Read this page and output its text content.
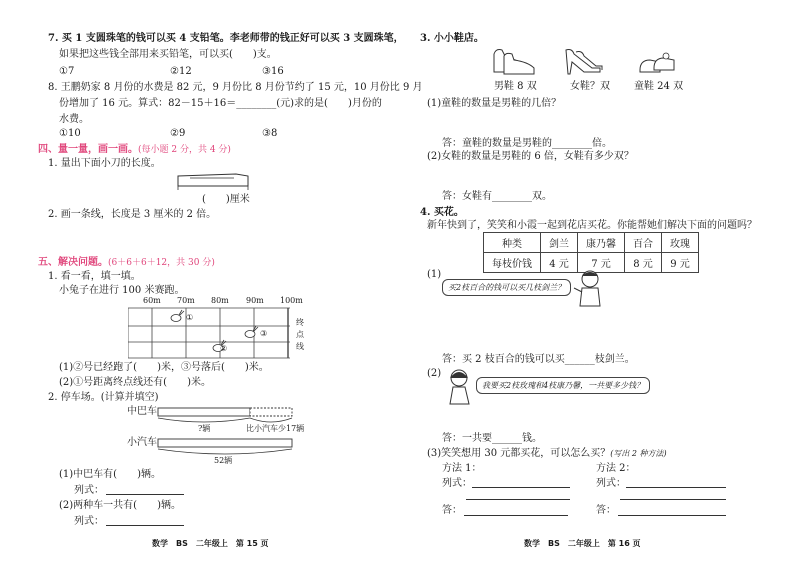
7. 买 1 支圆珠笔的钱可以买 4 支铅笔。李老师带的钱正好可以买 3 支圆珠笔，
如果把这些钱全部用来买铅笔，可以买(　　)支。
①7	②12	③16
8. 王鹏奶家 8 月份的水费是 82 元，9 月份比 8 月份节约了 15 元，10 月份比 9 月
份增加了 16 元。算式：82－15＋16＝________(元)求的是(　　)月份的
水费。
①10	②9	③8
四、量一量，画一画。(每小题 2 分，共 4 分)
1. 量出下面小刀的长度。
(　　)厘米
2. 画一条线，长度是 3 厘米的 2 倍。
五、解决问题。(6＋6＋6＋12，共 30 分)
1. 看一看，填一填。
小兔子在进行 100 米赛跑。
60m 70m 80m 90m 100m
①
②
③
终
点
线
(1)②号已经跑了(　　)米，③号落后(　　)米。
(2)①号距离终点线还有(　　)米。
2. 停车场。(计算并填空)
中巴车
小汽车
?辆	比小汽车少17辆
52辆
(1)中巴车有(　　)辆。
列式：
(2)两种车一共有(　　)辆。
列式：
数学　BS　二年级上　第 15 页
3. 小小鞋店。
男鞋 8 双	女鞋？双 童鞋 24 双
(1)童鞋的数量是男鞋的几倍？
答：童鞋的数量是男鞋的________倍。
(2)女鞋的数量是男鞋的 6 倍，女鞋有多少双？
答：女鞋有________双。
4. 买花。
新年快到了，笑笑和小霞一起到花店买花。你能帮她们解决下面的问题吗？
种类	剑兰	康乃馨	百合	玫瑰
每枝价钱	4 元	7 元	8 元	9 元
(1)
买2枝百合的钱可以买几枝剑兰？
答：买 2 枝百合的钱可以买______枝剑兰。
(2)
我要买2枝玫瑰和4枝康乃馨，一共要多少钱？
答：一共要______钱。
(3)笑笑想用 30 元都买花，可以怎么买？(写出 2 种方法)
方法 1：	方法 2：
列式：	列式：
答：	答：
数学　BS　二年级上　第 16 页
